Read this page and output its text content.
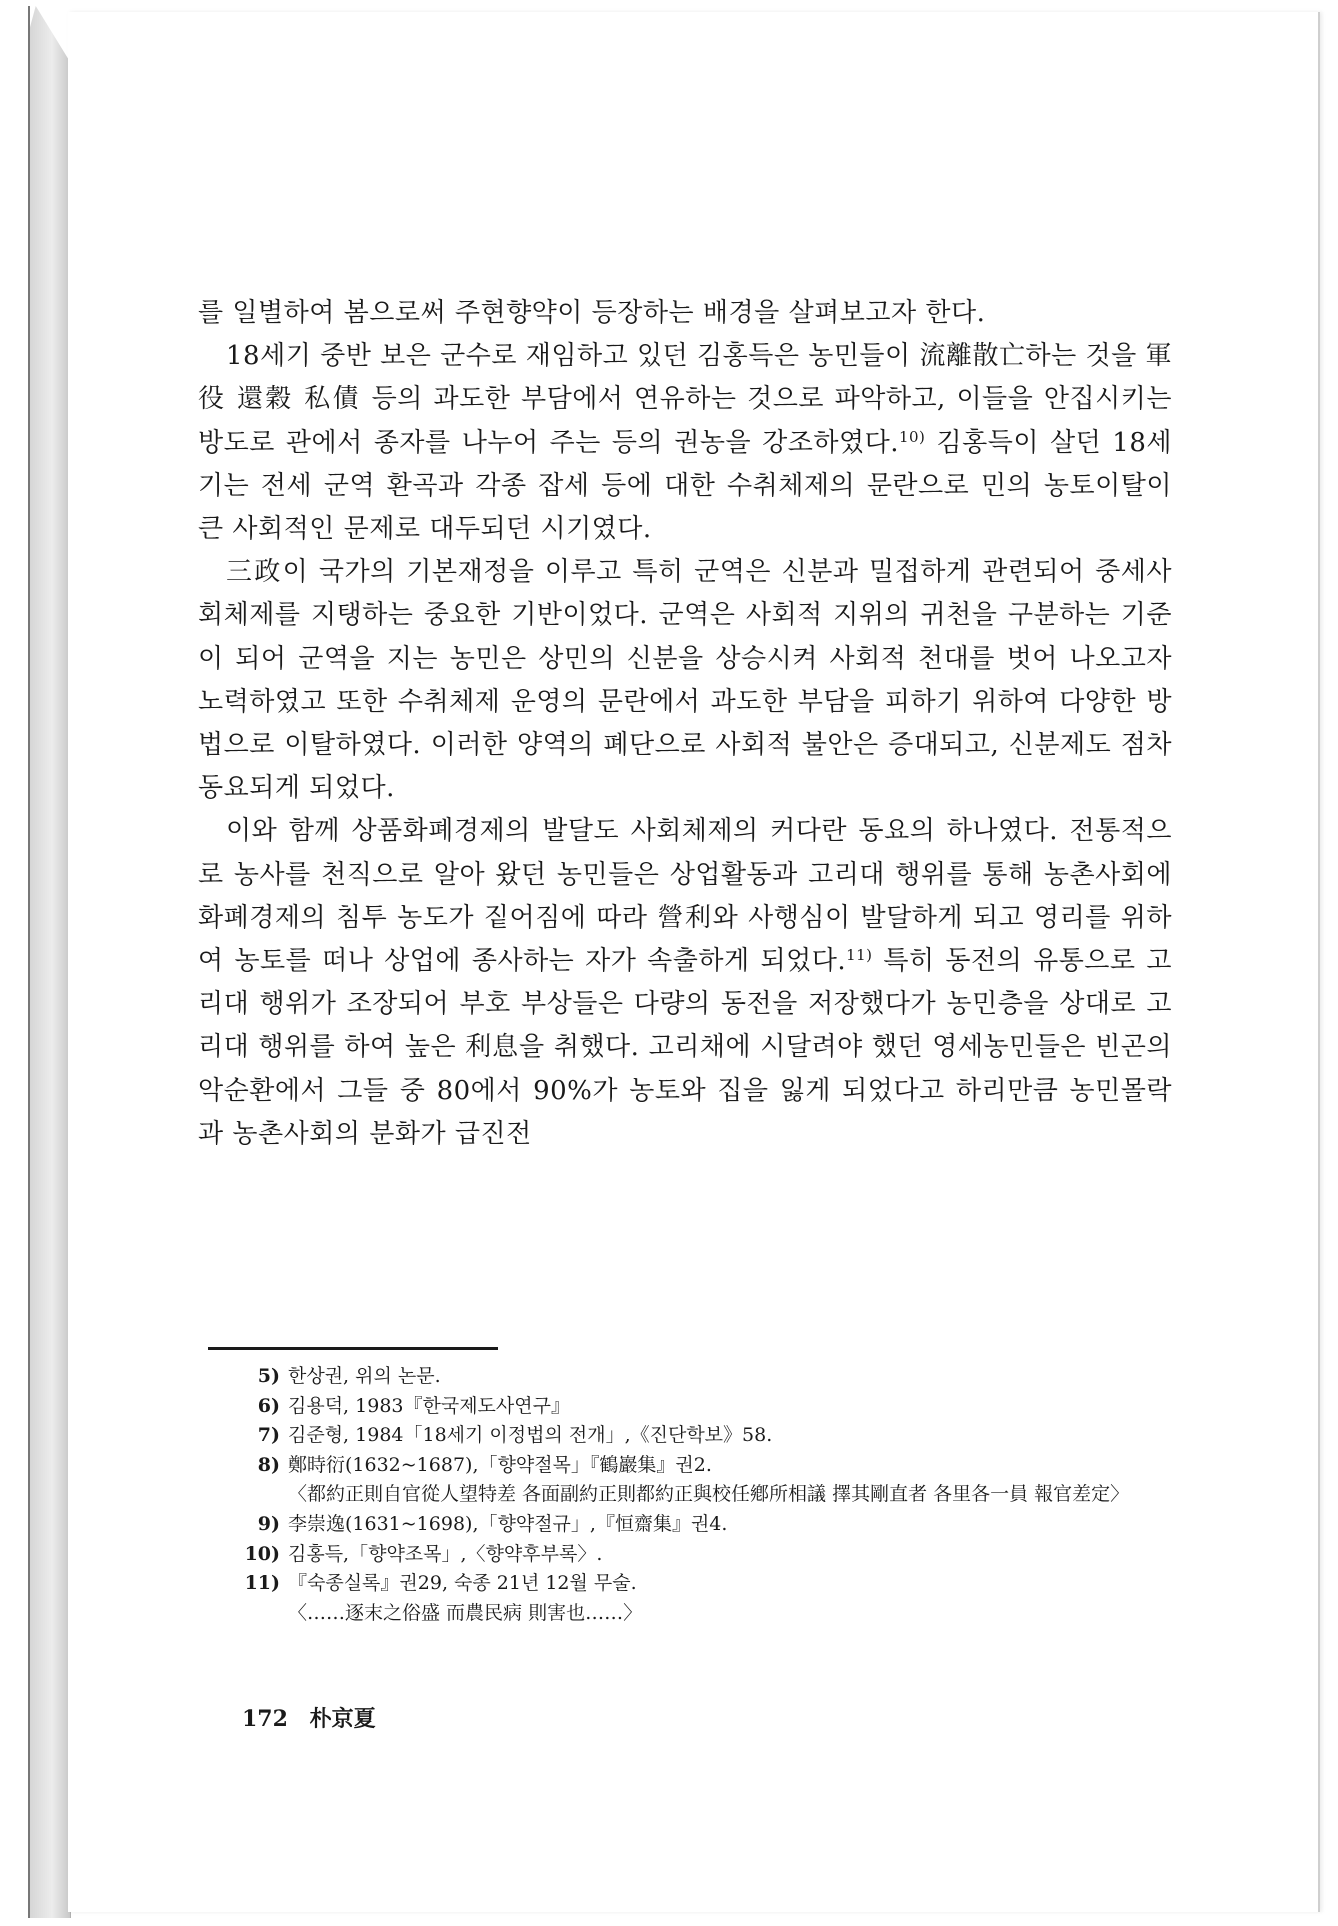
를 일별하여 봄으로써 주현향약이 등장하는 배경을 살펴보고자 한다.

18세기 중반 보은 군수로 재임하고 있던 김홍득은 농민들이 流離散亡하는 것을 軍役 還穀 私債 등의 과도한 부담에서 연유하는 것으로 파악하고, 이들을 안집시키는 방도로 관에서 종자를 나누어 주는 등의 권농을 강조하였다.$^{10)}$ 김홍득이 살던 18세기는 전세 군역 환곡과 각종 잡세 등에 대한 수취체제의 문란으로 민의 농토이탈이 큰 사회적인 문제로 대두되던 시기였다.

三政이 국가의 기본재정을 이루고 특히 군역은 신분과 밀접하게 관련되어 중세사회체제를 지탱하는 중요한 기반이었다. 군역은 사회적 지위의 귀천을 구분하는 기준이 되어 군역을 지는 농민은 상민의 신분을 상승시켜 사회적 천대를 벗어 나오고자 노력하였고 또한 수취체제 운영의 문란에서 과도한 부담을 피하기 위하여 다양한 방법으로 이탈하였다. 이러한 양역의 폐단으로 사회적 불안은 증대되고, 신분제도 점차 동요되게 되었다.

이와 함께 상품화폐경제의 발달도 사회체제의 커다란 동요의 하나였다. 전통적으로 농사를 천직으로 알아 왔던 농민들은 상업활동과 고리대 행위를 통해 농촌사회에 화폐경제의 침투 농도가 짙어짐에 따라 營利와 사행심이 발달하게 되고 영리를 위하여 농토를 떠나 상업에 종사하는 자가 속출하게 되었다.$^{11)}$ 특히 동전의 유통으로 고리대 행위가 조장되어 부호 부상들은 다량의 동전을 저장했다가 농민층을 상대로 고리대 행위를 하여 높은 利息을 취했다. 고리채에 시달려야 했던 영세농민들은 빈곤의 악순환에서 그들 중 80에서 90%가 농토와 집을 잃게 되었다고 하리만큼 농민몰락과 농촌사회의 분화가 급진전

5) 한상권, 위의 논문.
6) 김용덕, 1983『한국제도사연구』
7) 김준형, 1984「18세기 이정법의 전개」,《진단학보》58.
8) 鄭時衍(1632~1687),「향약절목」『鶴巖集』권2.
〈都約正則自官從人望特差 各面副約正則都約正與校任鄕所相議 擇其剛直者 各里各一員 報官差定〉
9) 李崇逸(1631~1698),「향약절규」,『恒齋集』권4.
10) 김홍득,「향약조목」,〈향약후부록〉.
11) 『숙종실록』권29, 숙종 21년 12월 무술.
〈……逐末之俗盛 而農民病 則害也……〉
172 朴京夏
